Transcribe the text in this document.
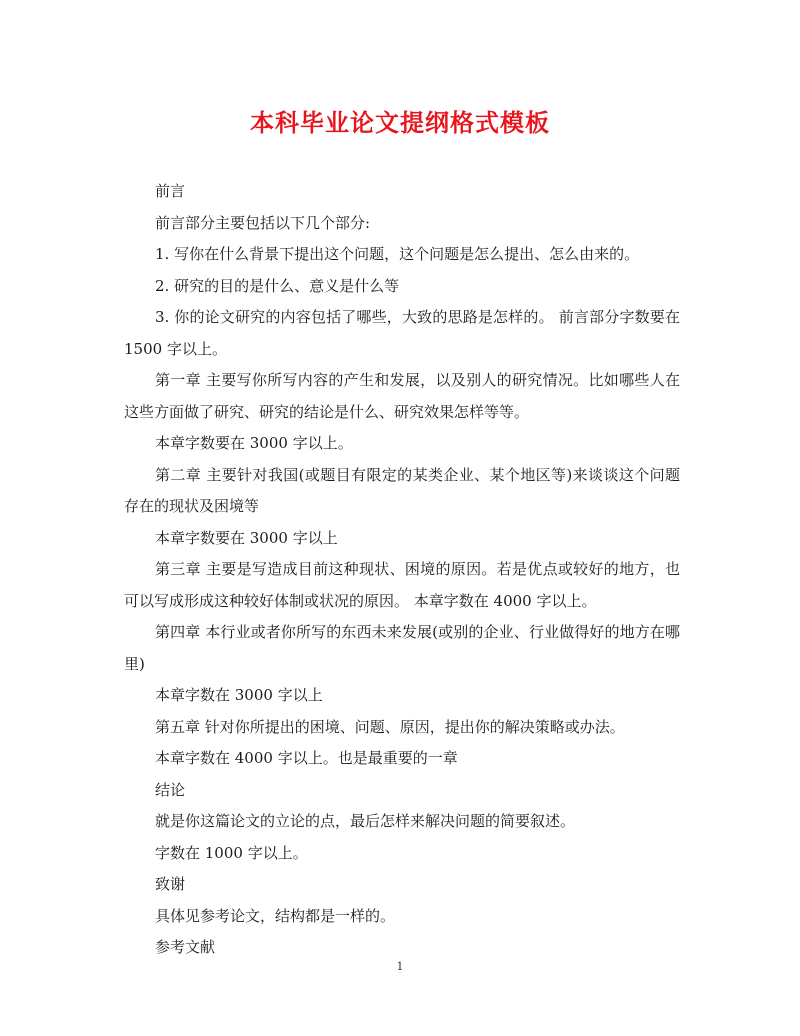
本科毕业论文提纲格式模板

前言

前言部分主要包括以下几个部分:

1. 写你在什么背景下提出这个问题，这个问题是怎么提出、怎么由来的。

2. 研究的目的是什么、意义是什么等

3. 你的论文研究的内容包括了哪些，大致的思路是怎样的。 前言部分字数要在 1500 字以上。

第一章 主要写你所写内容的产生和发展，以及别人的研究情况。比如哪些人在这些方面做了研究、研究的结论是什么、研究效果怎样等等。

本章字数要在 3000 字以上。

第二章 主要针对我国(或题目有限定的某类企业、某个地区等)来谈谈这个问题存在的现状及困境等

本章字数要在 3000 字以上

第三章 主要是写造成目前这种现状、困境的原因。若是优点或较好的地方，也可以写成形成这种较好体制或状况的原因。 本章字数在 4000 字以上。

第四章 本行业或者你所写的东西未来发展(或别的企业、行业做得好的地方在哪里)

本章字数在 3000 字以上

第五章 针对你所提出的困境、问题、原因，提出你的解决策略或办法。

本章字数在 4000 字以上。也是最重要的一章

结论

就是你这篇论文的立论的点，最后怎样来解决问题的简要叙述。

字数在 1000 字以上。

致谢

具体见参考论文，结构都是一样的。

参考文献

1
